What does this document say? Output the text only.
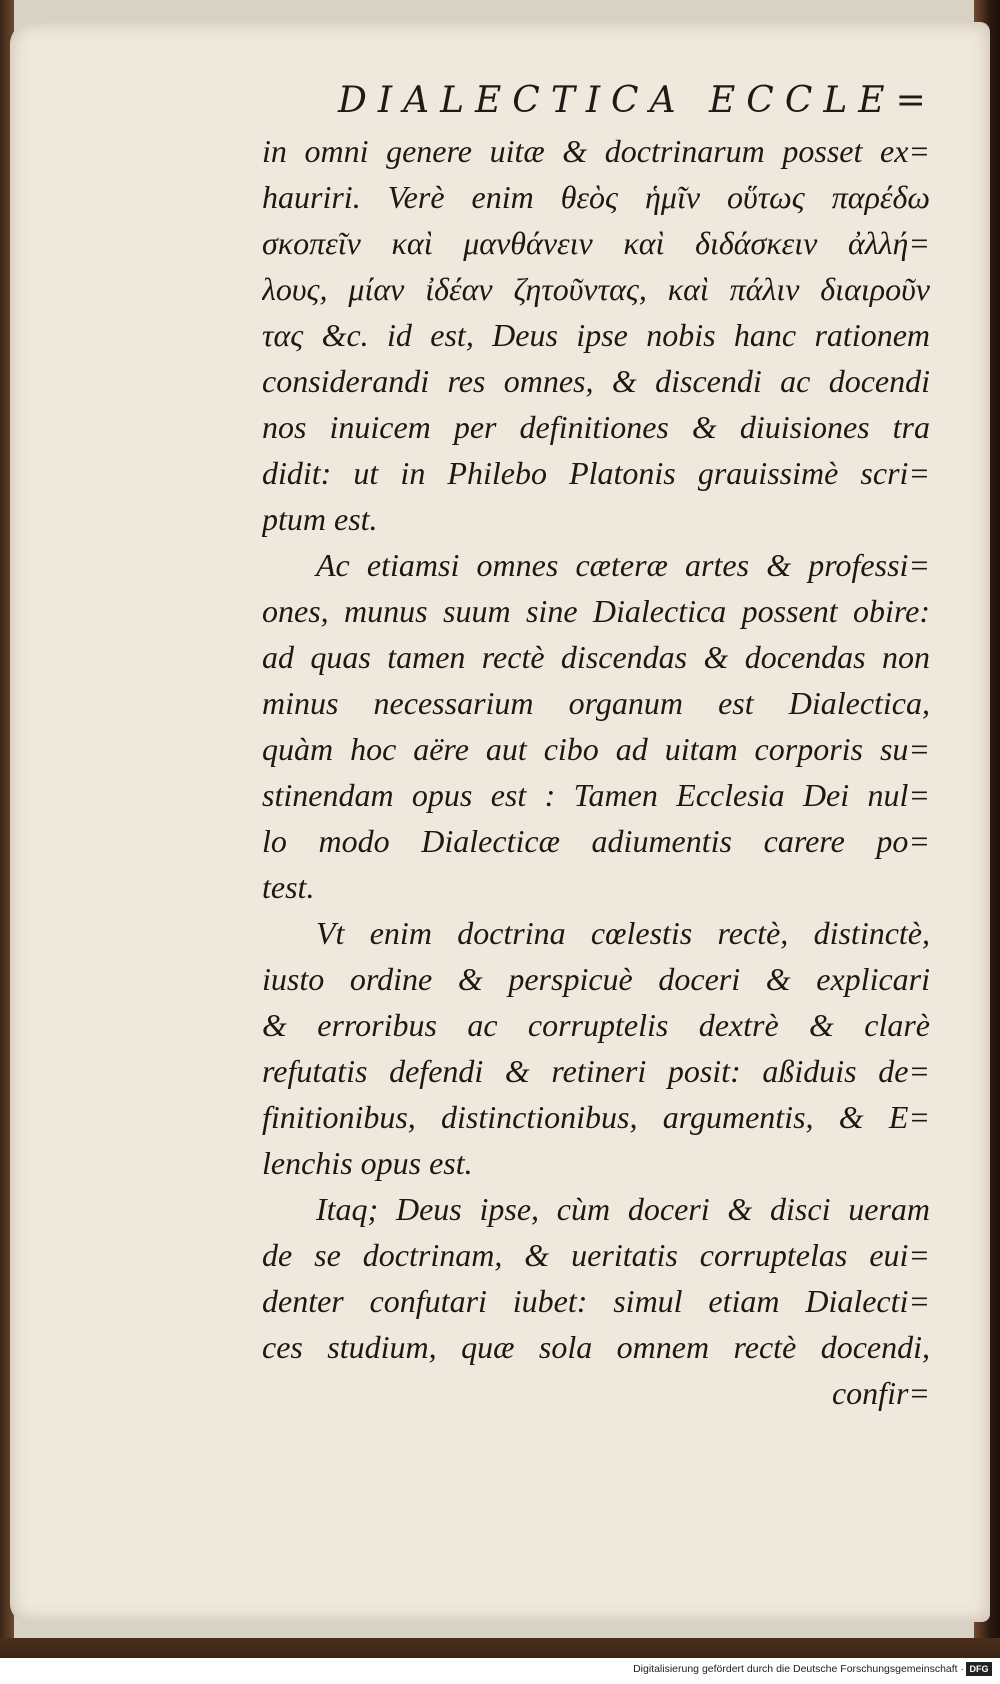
DIALECTICA ECCLE=
in omni genere uitæ & doctrinarum posset ex=
hauriri. Verè enim θεὸς ἡμῖν οὕτως παρέδω
σκοπεῖν καὶ μανθάνειν καὶ διδάσκειν ἀλλή=
λους, μίαν ἰδέαν ζητοῦντας, καὶ πάλιν διαιροῦν
τας &c. id est, Deus ipse nobis hanc rationem
considerandi res omnes, & discendi ac docendi
nos inuicem per definitiones & diuisiones tra
didit: ut in Philebo Platonis grauissimè scri=
ptum est.
Ac etiamsi omnes cæteræ artes & professi=
ones, munus suum sine Dialectica possent obire:
ad quas tamen rectè discendas & docendas non
minus necessarium organum est Dialectica,
quàm hoc aëre aut cibo ad uitam corporis su=
stinendam opus est : Tamen Ecclesia Dei nul=
lo modo Dialecticæ adiumentis carere po=
test.
Vt enim doctrina cœlestis rectè, distinctè,
iusto ordine & perspicuè doceri & explicari
& erroribus ac corruptelis dextrè & clarè
refutatis defendi & retineri posit: aßiduis de=
finitionibus, distinctionibus, argumentis, & E=
lenchis opus est.
Itaq; Deus ipse, cùm doceri & disci ueram
de se doctrinam, & ueritatis corruptelas eui=
denter confutari iubet: simul etiam Dialecti=
ces studium, quæ sola omnem rectè docendi,
confir=
Digitalisierung gefördert durch die Deutsche Forschungsgemeinschaft · DFG
